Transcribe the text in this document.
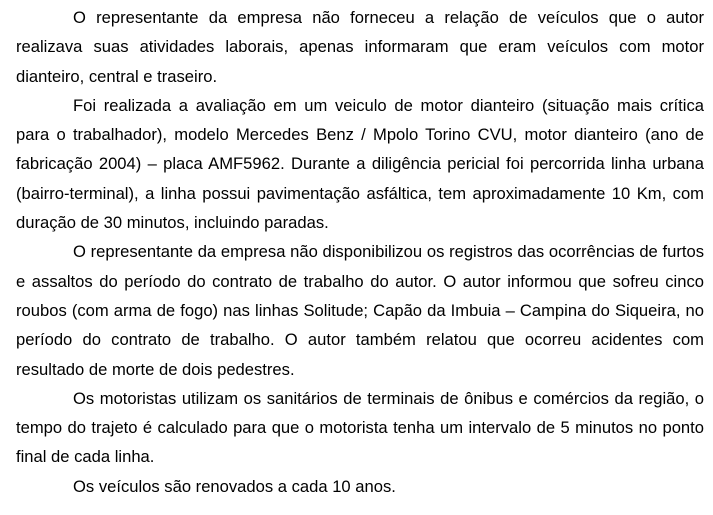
O representante da empresa não forneceu a relação de veículos que o autor realizava suas atividades laborais, apenas informaram que eram veículos com motor dianteiro, central e traseiro.

Foi realizada a avaliação em um veiculo de motor dianteiro (situação mais crítica para o trabalhador), modelo Mercedes Benz / Mpolo Torino CVU, motor dianteiro (ano de fabricação 2004) – placa AMF5962. Durante a diligência pericial foi percorrida linha urbana (bairro-terminal), a linha possui pavimentação asfáltica, tem aproximadamente 10 Km, com duração de 30 minutos, incluindo paradas.

O representante da empresa não disponibilizou os registros das ocorrências de furtos e assaltos do período do contrato de trabalho do autor. O autor informou que sofreu cinco roubos (com arma de fogo) nas linhas Solitude; Capão da Imbuia – Campina do Siqueira, no período do contrato de trabalho. O autor também relatou que ocorreu acidentes com resultado de morte de dois pedestres.

Os motoristas utilizam os sanitários de terminais de ônibus e comércios da região, o tempo do trajeto é calculado para que o motorista tenha um intervalo de 5 minutos no ponto final de cada linha.

Os veículos são renovados a cada 10 anos.
